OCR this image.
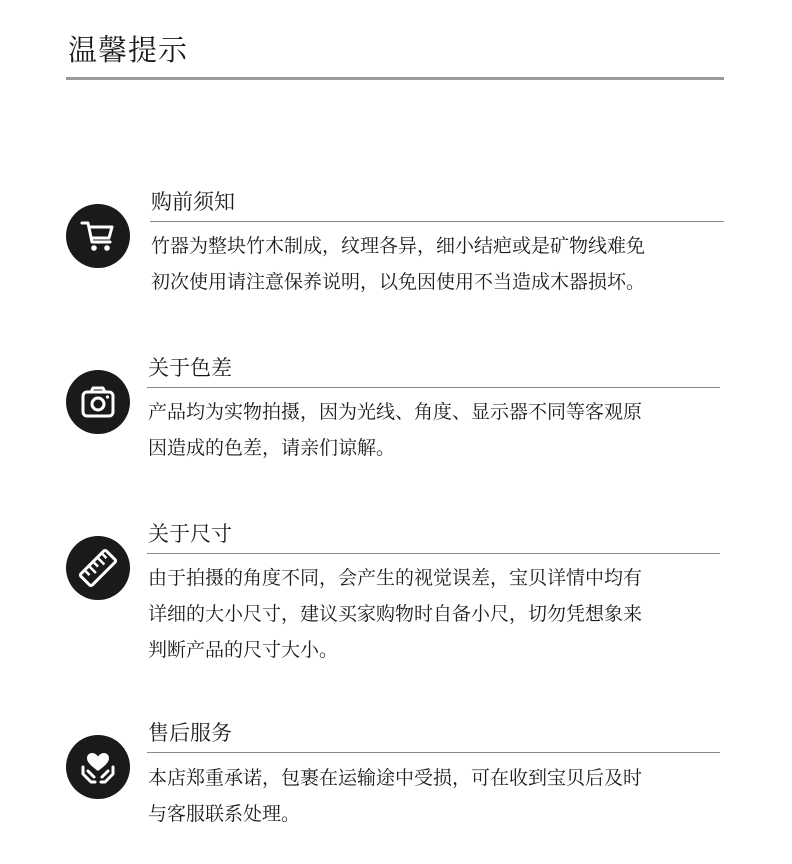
温馨提示
购前须知

竹器为整块竹木制成，纹理各异，细小结疤或是矿物线难免
初次使用请注意保养说明，以免因使用不当造成木器损坏。

关于色差

产品均为实物拍摄，因为光线、角度、显示器不同等客观原
因造成的色差，请亲们谅解。

关于尺寸

由于拍摄的角度不同，会产生的视觉误差，宝贝详情中均有
详细的大小尺寸，建议买家购物时自备小尺，切勿凭想象来
判断产品的尺寸大小。

售后服务

本店郑重承诺，包裹在运输途中受损，可在收到宝贝后及时
与客服联系处理。
